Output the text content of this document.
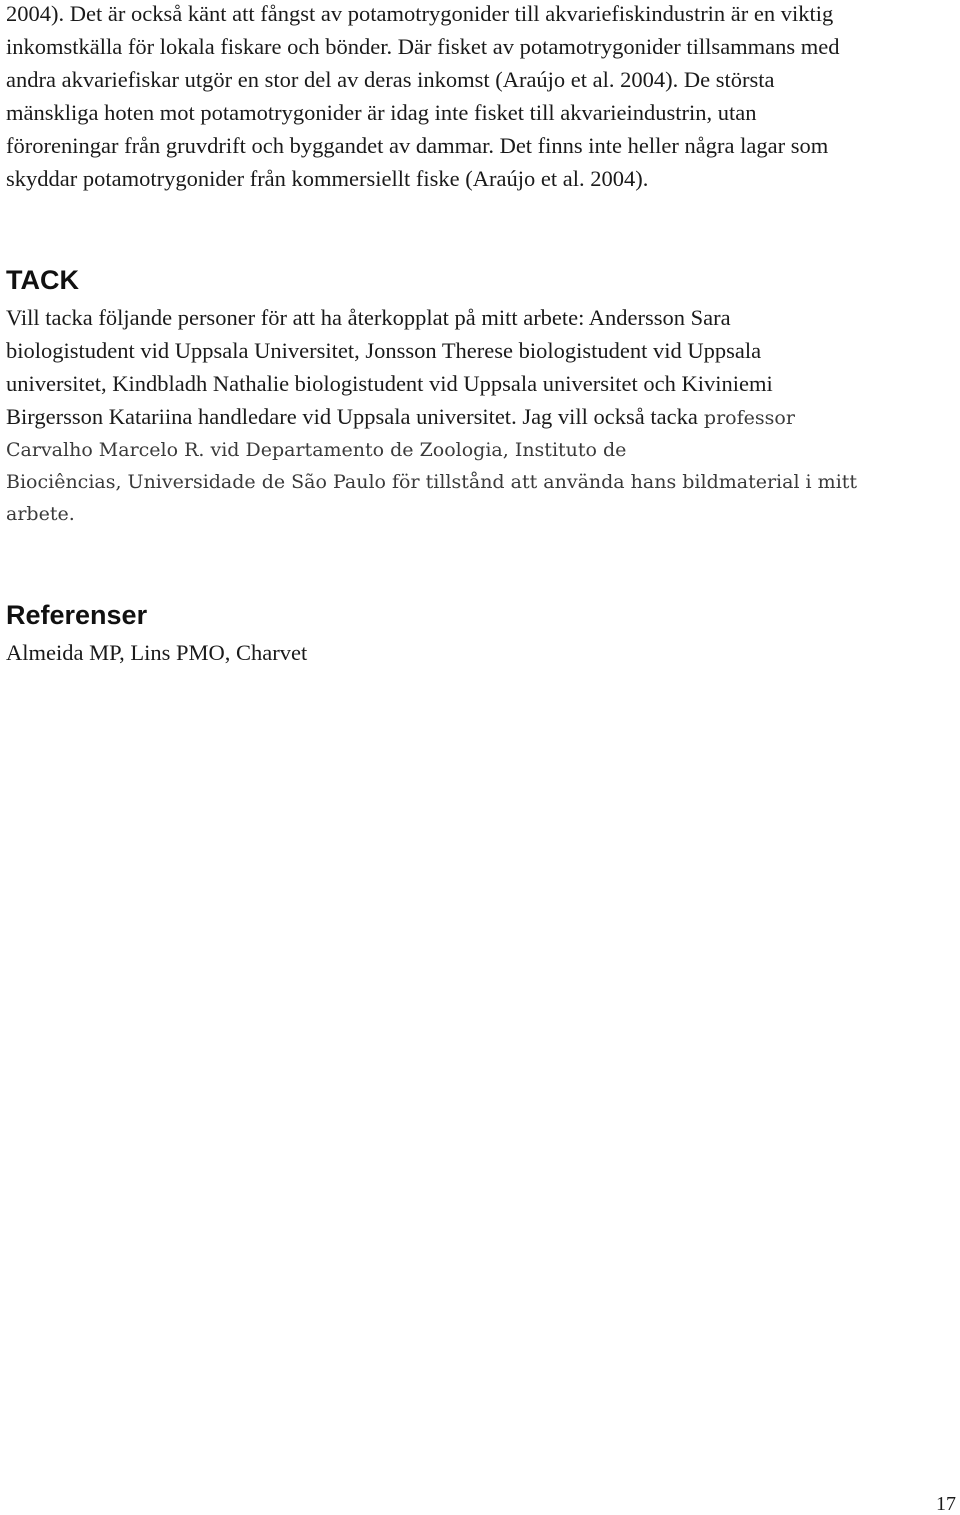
2004). Det är också känt att fångst av potamotrygonider till akvariefiskindustrin är en viktig
inkomstkälla för lokala fiskare och bönder. Där fisket av potamotrygonider tillsammans med
andra akvariefiskar utgör en stor del av deras inkomst (Araújo et al. 2004). De största
mänskliga hoten mot potamotrygonider är idag inte fisket till akvarieindustrin, utan
föroreningar från gruvdrift och byggandet av dammar. Det finns inte heller några lagar som
skyddar potamotrygonider från kommersiellt fiske (Araújo et al. 2004).
TACK
Vill tacka följande personer för att ha återkopplat på mitt arbete: Andersson Sara
biologistudent vid Uppsala Universitet, Jonsson Therese biologistudent vid Uppsala
universitet, Kindbladh Nathalie biologistudent vid Uppsala universitet och Kiviniemi
Birgersson Katariina handledare vid Uppsala universitet. Jag vill också tacka professor
Carvalho Marcelo R. vid Departamento de Zoologia, Instituto de
Biociências, Universidade de São Paulo för tillstånd att använda hans bildmaterial i mitt
arbete.
Referenser
Almeida MP, Lins PMO, Charvet
17
